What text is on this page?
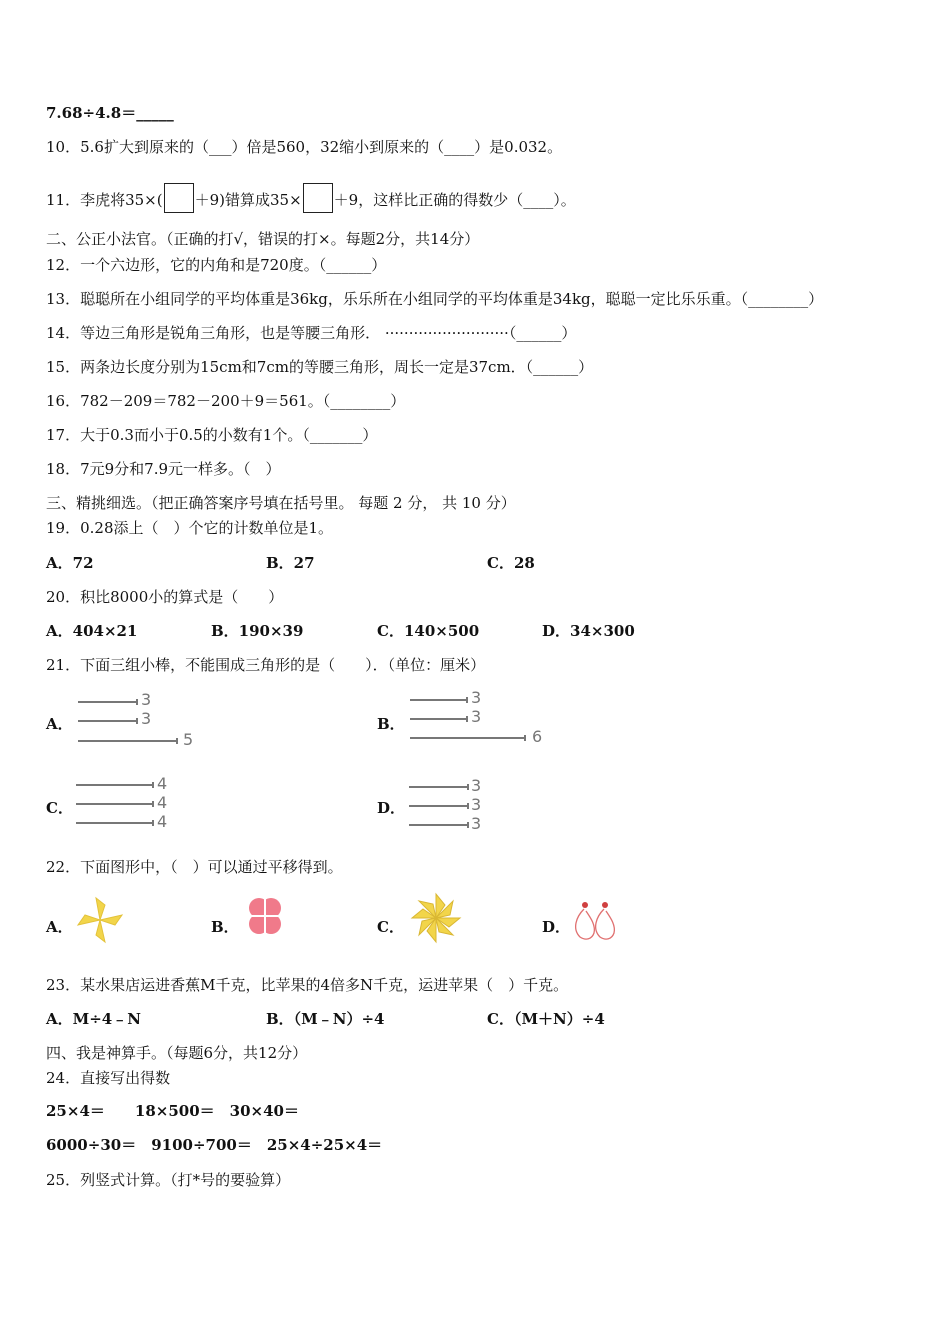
7.68÷4.8＝_____
10．5.6扩大到原来的（___）倍是560，32缩小到原来的（____）是0.032。
11．李虎将35×( ＋9)错算成35× ＋9，这样比正确的得数少（____）。
二、公正小法官。（正确的打√，错误的打×。每题2分，共14分）
12．一个六边形，它的内角和是720度。（______）
13．聪聪所在小组同学的平均体重是36kg，乐乐所在小组同学的平均体重是34kg，聪聪一定比乐乐重。（________）
14．等边三角形是锐角三角形，也是等腰三角形． ··························（______）
15．两条边长度分别为15cm和7cm的等腰三角形，周长一定是37cm．（______）
16．782－209＝782－200＋9＝561。（________）
17．大于0.3而小于0.5的小数有1个。（_______）
18．7元9分和7.9元一样多。（　）
三、精挑细选。（把正确答案序号填在括号里。 每题 2 分， 共 10 分）
19．0.28添上（　）个它的计数单位是1。
A．72	B．27	C．28
20．积比8000小的算式是（　　）
A．404×21	B．190×39	C．140×500	D．34×300
21．下面三组小棒，不能围成三角形的是（　　）．（单位：厘米）
A．
3
3
5
B．
3
3
6
C．
4
4
4
D．
3
3
3
22．下面图形中，（　）可以通过平移得到。
A．	B．	C．	D．
23．某水果店运进香蕉M千克，比苹果的4倍多N千克，运进苹果（　）千克。
A．M÷4﹣N	B．（M﹣N）÷4	C．（M＋N）÷4
四、我是神算手。（每题6分，共12分）
24．直接写出得数
25×4＝　　18×500＝　30×40＝
6000÷30＝　9100÷700＝　25×4÷25×4＝
25．列竖式计算。（打*号的要验算）
